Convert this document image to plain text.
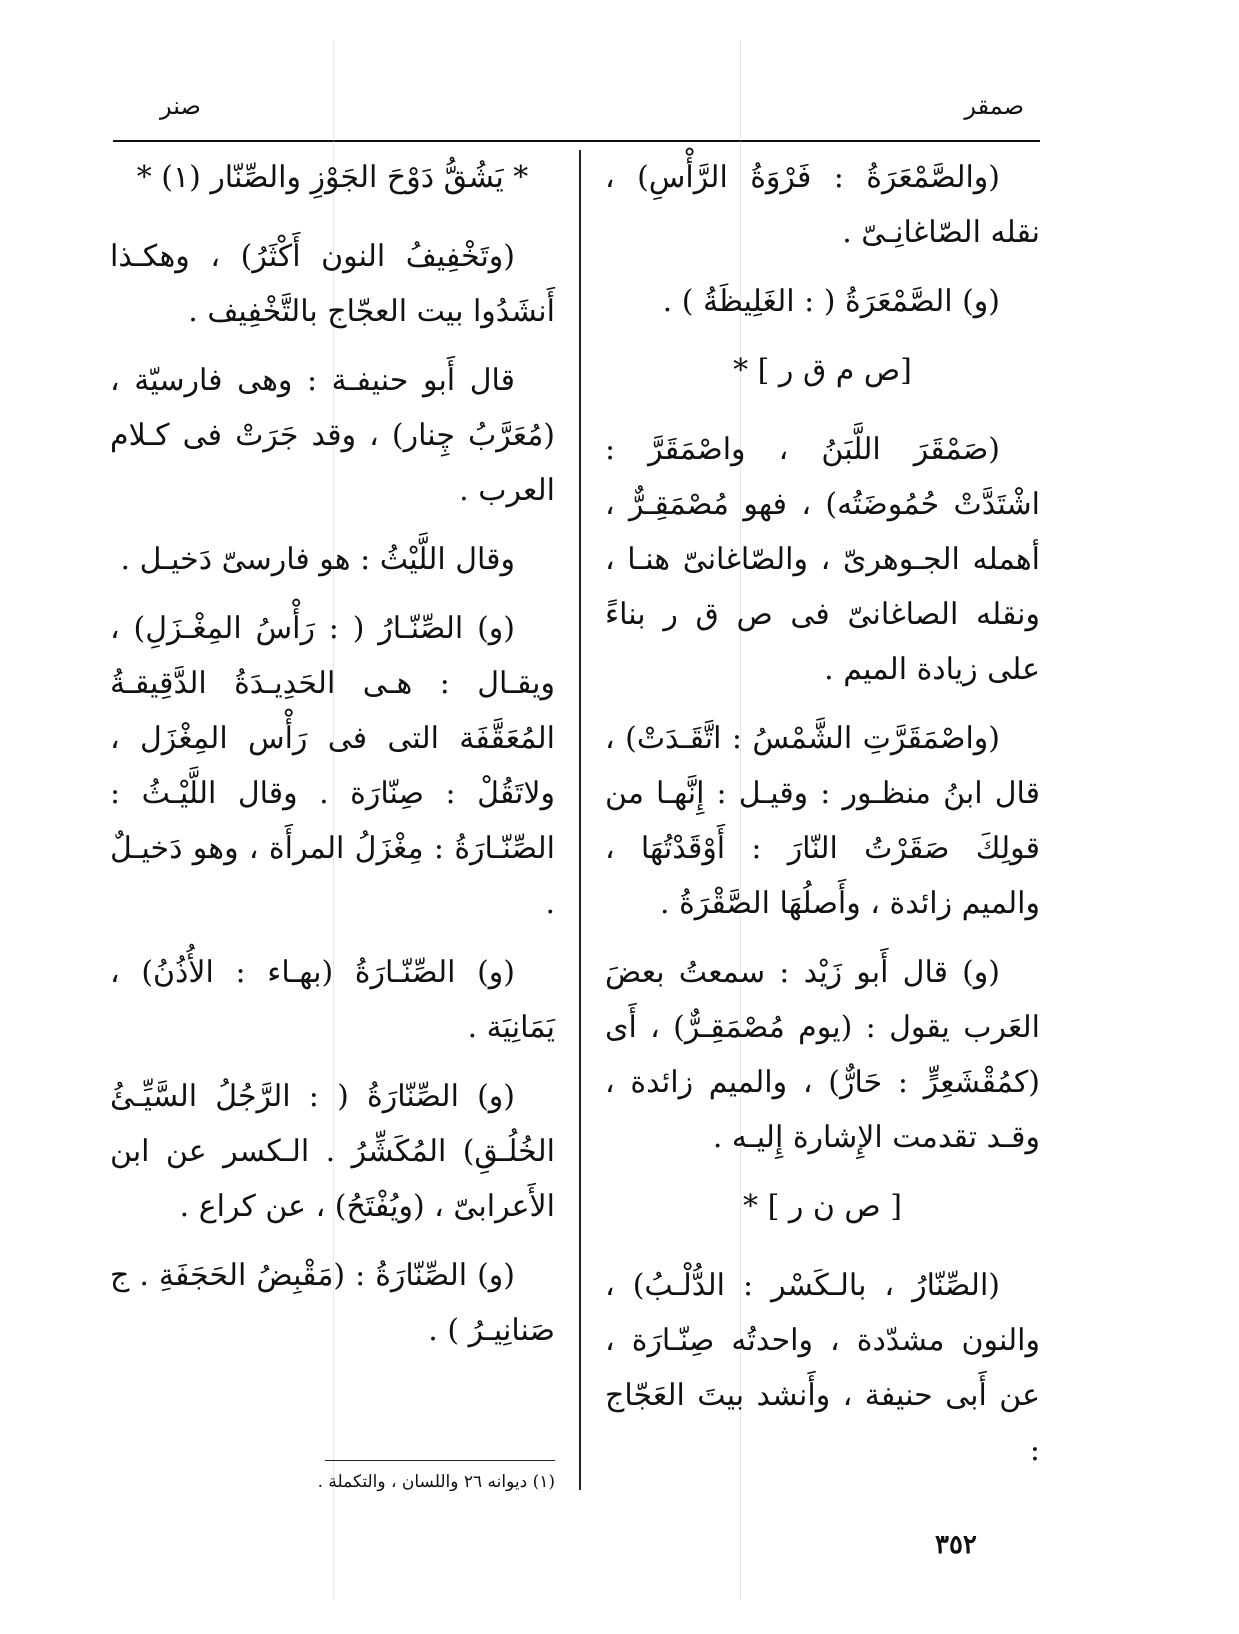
صنر	صمقر

(والصَّمْعَرَةُ : فَرْوَةُ الرَّأْسِ) ، نقله الصّاغانِـىّ .

(و) الصَّمْعَرَةُ ( : الغَلِيظَةُ ) .

[ص م ق ر ] *

(صَمْقَرَ اللَّبَنُ ، واصْمَقَرَّ : اشْتَدَّتْ حُمُوضَتُه) ، فهو مُصْمَقِـرٌّ ، أهمله الجـوهرىّ ، والصّاغانىّ هنـا ، ونقله الصاغانىّ فى ص ق ر بناءً على زيادة الميم .

(واصْمَقَرَّتِ الشَّمْسُ : اتَّقَـدَتْ) ، قال ابنُ منظـور : وقيـل : إِنَّهـا من قولِكَ صَقَرْتُ النّارَ : أَوْقَدْتُهَا ، والميم زائدة ، وأَصلُهَا الصَّقْرَةُ .

(و) قال أَبو زَيْد : سمعتُ بعضَ العَرب يقول : (يوم مُصْمَقِـرٌّ) ، أَى (كمُقْشَعِرٍّ : حَارٌّ) ، والميم زائدة ، وقـد تقدمت الإِشارة إِليـه .

[ ص ن ر ] *

(الصِّنّارُ ، بالـكَسْر : الدُّلْـبُ) ، والنون مشدّدة ، واحدتُه صِنّـارَة ، عن أَبى حنيفة ، وأَنشد بيتَ العَجّاج :

* يَشُقُّ دَوْحَ الجَوْزِ والصِّنّار (١) *

(وتَخْفِيفُ النون أَكْثَرُ) ، وهكـذا أَنشَدُوا بيت العجّاج بالتَّخْفِيف .

قال أَبو حنيفـة : وهى فارسيّة ، (مُعَرَّبُ چِنار) ، وقد جَرَتْ فى كـلام العرب .

وقال اللَّيْثُ : هو فارسىّ دَخيـل .

(و) الصِّنّـارُ ( : رَأْسُ المِغْـزَلِ) ، ويقـال : هـى الحَدِيـدَةُ الدَّقِيقـةُ المُعَقَّفَة التى فى رَأْس المِغْزَل ، ولاتَقُلْ : صِنّارَة . وقال اللَّيْـثُ : الصِّنّـارَةُ : مِغْزَلُ المرأَة ، وهو دَخيـلٌ .

(و) الصِّنّـارَةُ (بهـاء : الأُذُنُ) ، يَمَانِيَة .

(و) الصِّنّارَةُ ( : الرَّجُلُ السَّيِّـئُ الخُلُـقِ) المُكَشِّرُ . الـكسر عن ابن الأَعرابىّ ، (ويُفْتَحُ) ، عن كراع .

(و) الصِّنّارَةُ : (مَقْبِضُ الحَجَفَةِ . ج صَنانِيـرُ ) .

(١) ديوانه ٢٦ واللسان ، والتكملة .
٣٥٢
